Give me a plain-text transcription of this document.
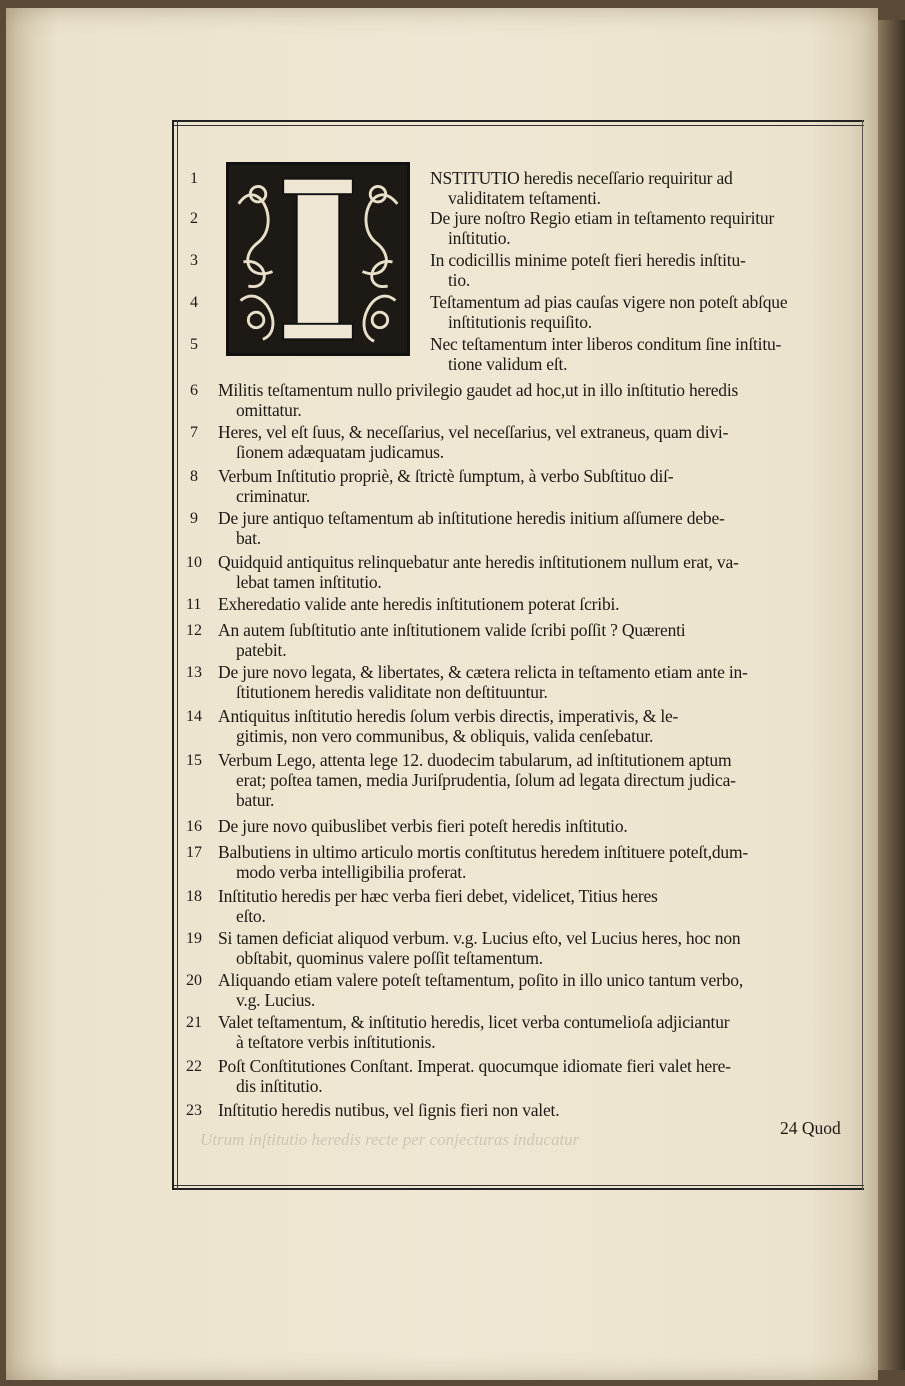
1	NSTITUTIO heredis neceſſario requiritur ad
validitatem teſtamenti.
2	De jure noſtro Regio etiam in teſtamento requiritur
inſtitutio.
3	In codicillis minime poteſt fieri heredis inſtitu-
tio.
4	Teſtamentum ad pias cauſas vigere non poteſt abſque
inſtitutionis requiſito.
5	Nec teſtamentum inter liberos conditum ſine inſtitu-
tione validum eſt.
6 Militis teſtamentum nullo privilegio gaudet ad hoc,ut in illo inſtitutio heredis
omittatur.
7 Heres, vel eſt ſuus, & neceſſarius, vel neceſſarius, vel extraneus, quam divi-
ſionem adæquatam judicamus.
8 Verbum Inſtitutio propriè, & ſtrictè ſumptum, à verbo Subſtituo diſ-
criminatur.
9 De jure antiquo teſtamentum ab inſtitutione heredis initium aſſumere debe-
bat.
10 Quidquid antiquitus relinquebatur ante heredis inſtitutionem nullum erat, va-
lebat tamen inſtitutio.
11 Exheredatio valide ante heredis inſtitutionem poterat ſcribi.
12 An autem ſubſtitutio ante inſtitutionem valide ſcribi poſſit ? Quærenti
patebit.
13 De jure novo legata, & libertates, & cætera relicta in teſtamento etiam ante in-
ſtitutionem heredis validitate non deſtituuntur.
14 Antiquitus inſtitutio heredis ſolum verbis directis, imperativis, & le-
gitimis, non vero communibus, & obliquis, valida cenſebatur.
15 Verbum Lego, attenta lege 12. duodecim tabularum, ad inſtitutionem aptum
erat; poſtea tamen, media Juriſprudentia, ſolum ad legata directum judica-
batur.
16 De jure novo quibuslibet verbis fieri poteſt heredis inſtitutio.
17 Balbutiens in ultimo articulo mortis conſtitutus heredem inſtituere poteſt,dum-
modo verba intelligibilia proferat.
18 Inſtitutio heredis per hæc verba fieri debet, videlicet, Titius heres
eſto.
19 Si tamen deficiat aliquod verbum. v.g. Lucius eſto, vel Lucius heres, hoc non
obſtabit, quominus valere poſſit teſtamentum.
20 Aliquando etiam valere poteſt teſtamentum, poſito in illo unico tantum verbo,
v.g. Lucius.
21 Valet teſtamentum, & inſtitutio heredis, licet verba contumelioſa adjiciantur
à teſtatore verbis inſtitutionis.
22 Poſt Conſtitutiones Conſtant. Imperat. quocumque idiomate fieri valet here-
dis inſtitutio.
23 Inſtitutio heredis nutibus, vel ſignis fieri non valet.
Utrum inſtitutio heredis recte per conjecturas inducatur
24 Quod
